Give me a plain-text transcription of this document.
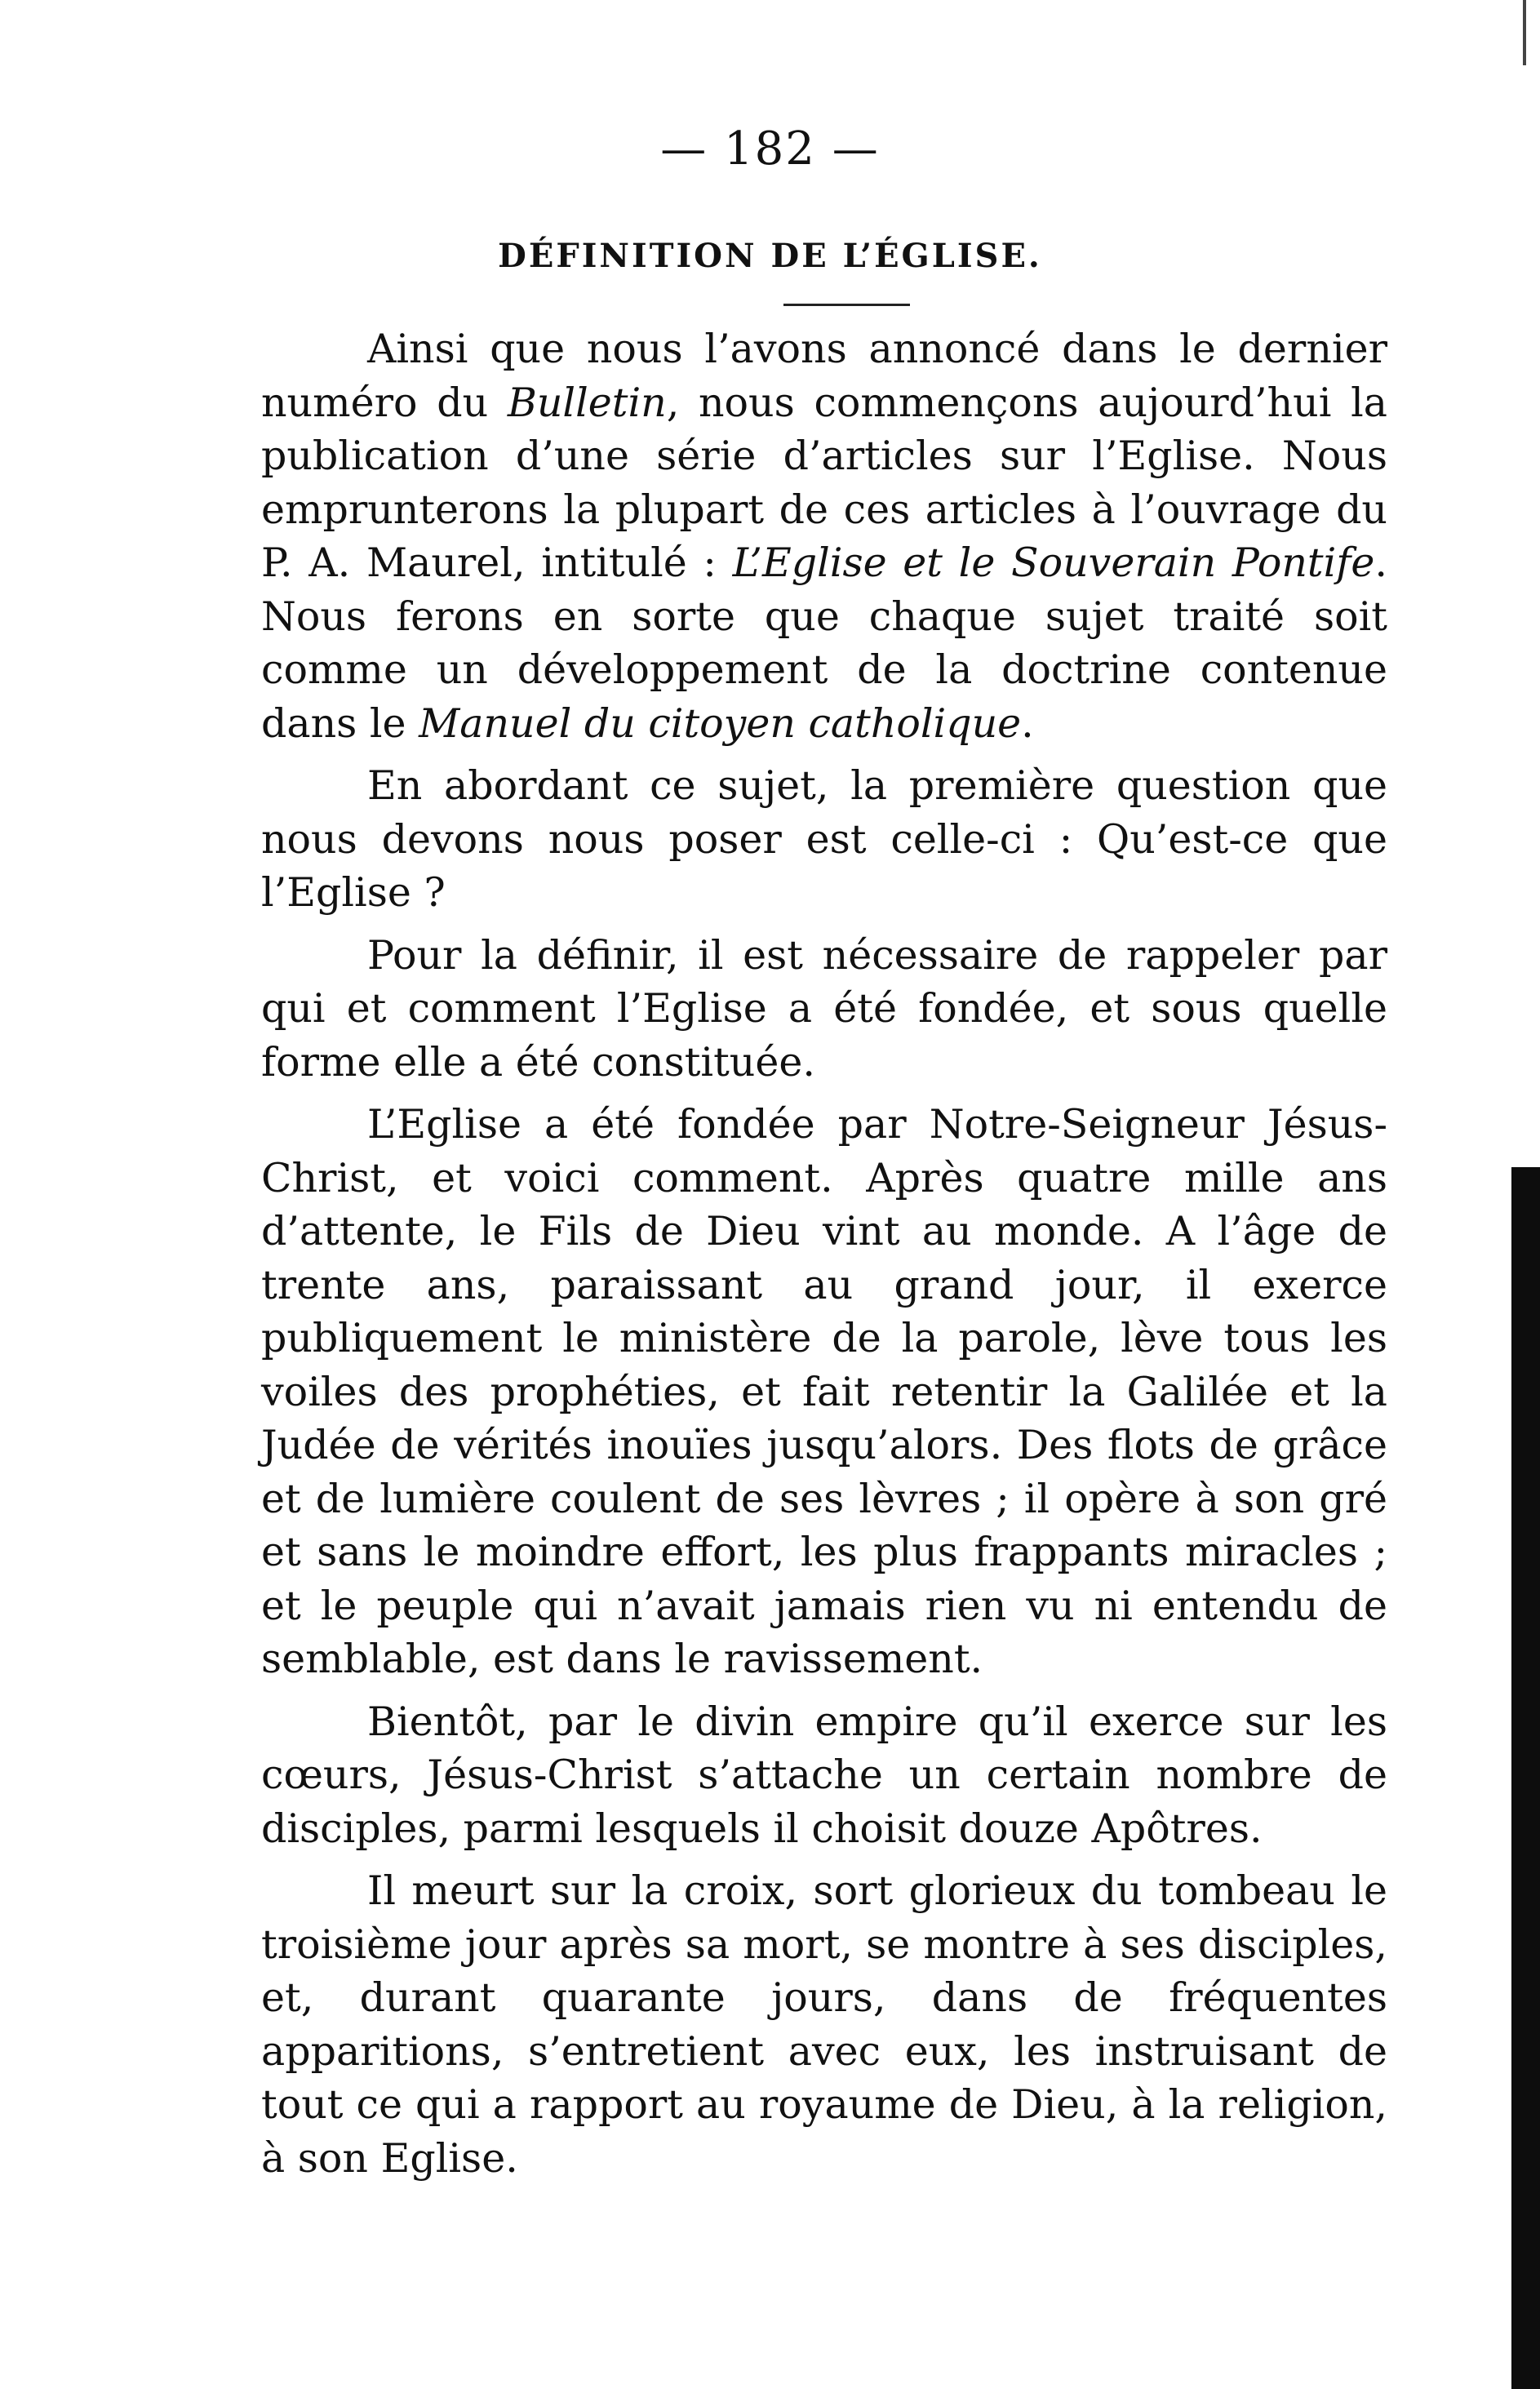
— 182 —
DÉFINITION DE L’ÉGLISE.

Ainsi que nous l’avons annoncé dans le dernier numéro du Bulletin, nous commençons aujourd’hui la publication d’une série d’articles sur l’Eglise. Nous emprunterons la plupart de ces articles à l’ouvrage du P. A. Maurel, intitulé : L’Eglise et le Souverain Pontife. Nous ferons en sorte que chaque sujet traité soit comme un développement de la doctrine contenue dans le Manuel du citoyen catholique.

En abordant ce sujet, la première question que nous devons nous poser est celle-ci : Qu’est-ce que l’Eglise ?

Pour la définir, il est nécessaire de rappeler par qui et comment l’Eglise a été fondée, et sous quelle forme elle a été constituée.

L’Eglise a été fondée par Notre-Seigneur Jésus-Christ, et voici comment. Après quatre mille ans d’attente, le Fils de Dieu vint au monde. A l’âge de trente ans, paraissant au grand jour, il exerce publiquement le ministère de la parole, lève tous les voiles des prophéties, et fait retentir la Galilée et la Judée de vérités inouïes jusqu’alors. Des flots de grâce et de lumière coulent de ses lèvres ; il opère à son gré et sans le moindre effort, les plus frappants miracles ; et le peuple qui n’avait jamais rien vu ni entendu de semblable, est dans le ravissement.

Bientôt, par le divin empire qu’il exerce sur les cœurs, Jésus-Christ s’attache un certain nombre de disciples, parmi lesquels il choisit douze Apôtres.

Il meurt sur la croix, sort glorieux du tombeau le troisième jour après sa mort, se montre à ses disciples, et, durant quarante jours, dans de fréquentes apparitions, s’entretient avec eux, les instruisant de tout ce qui a rapport au royaume de Dieu, à la religion, à son Eglise.
